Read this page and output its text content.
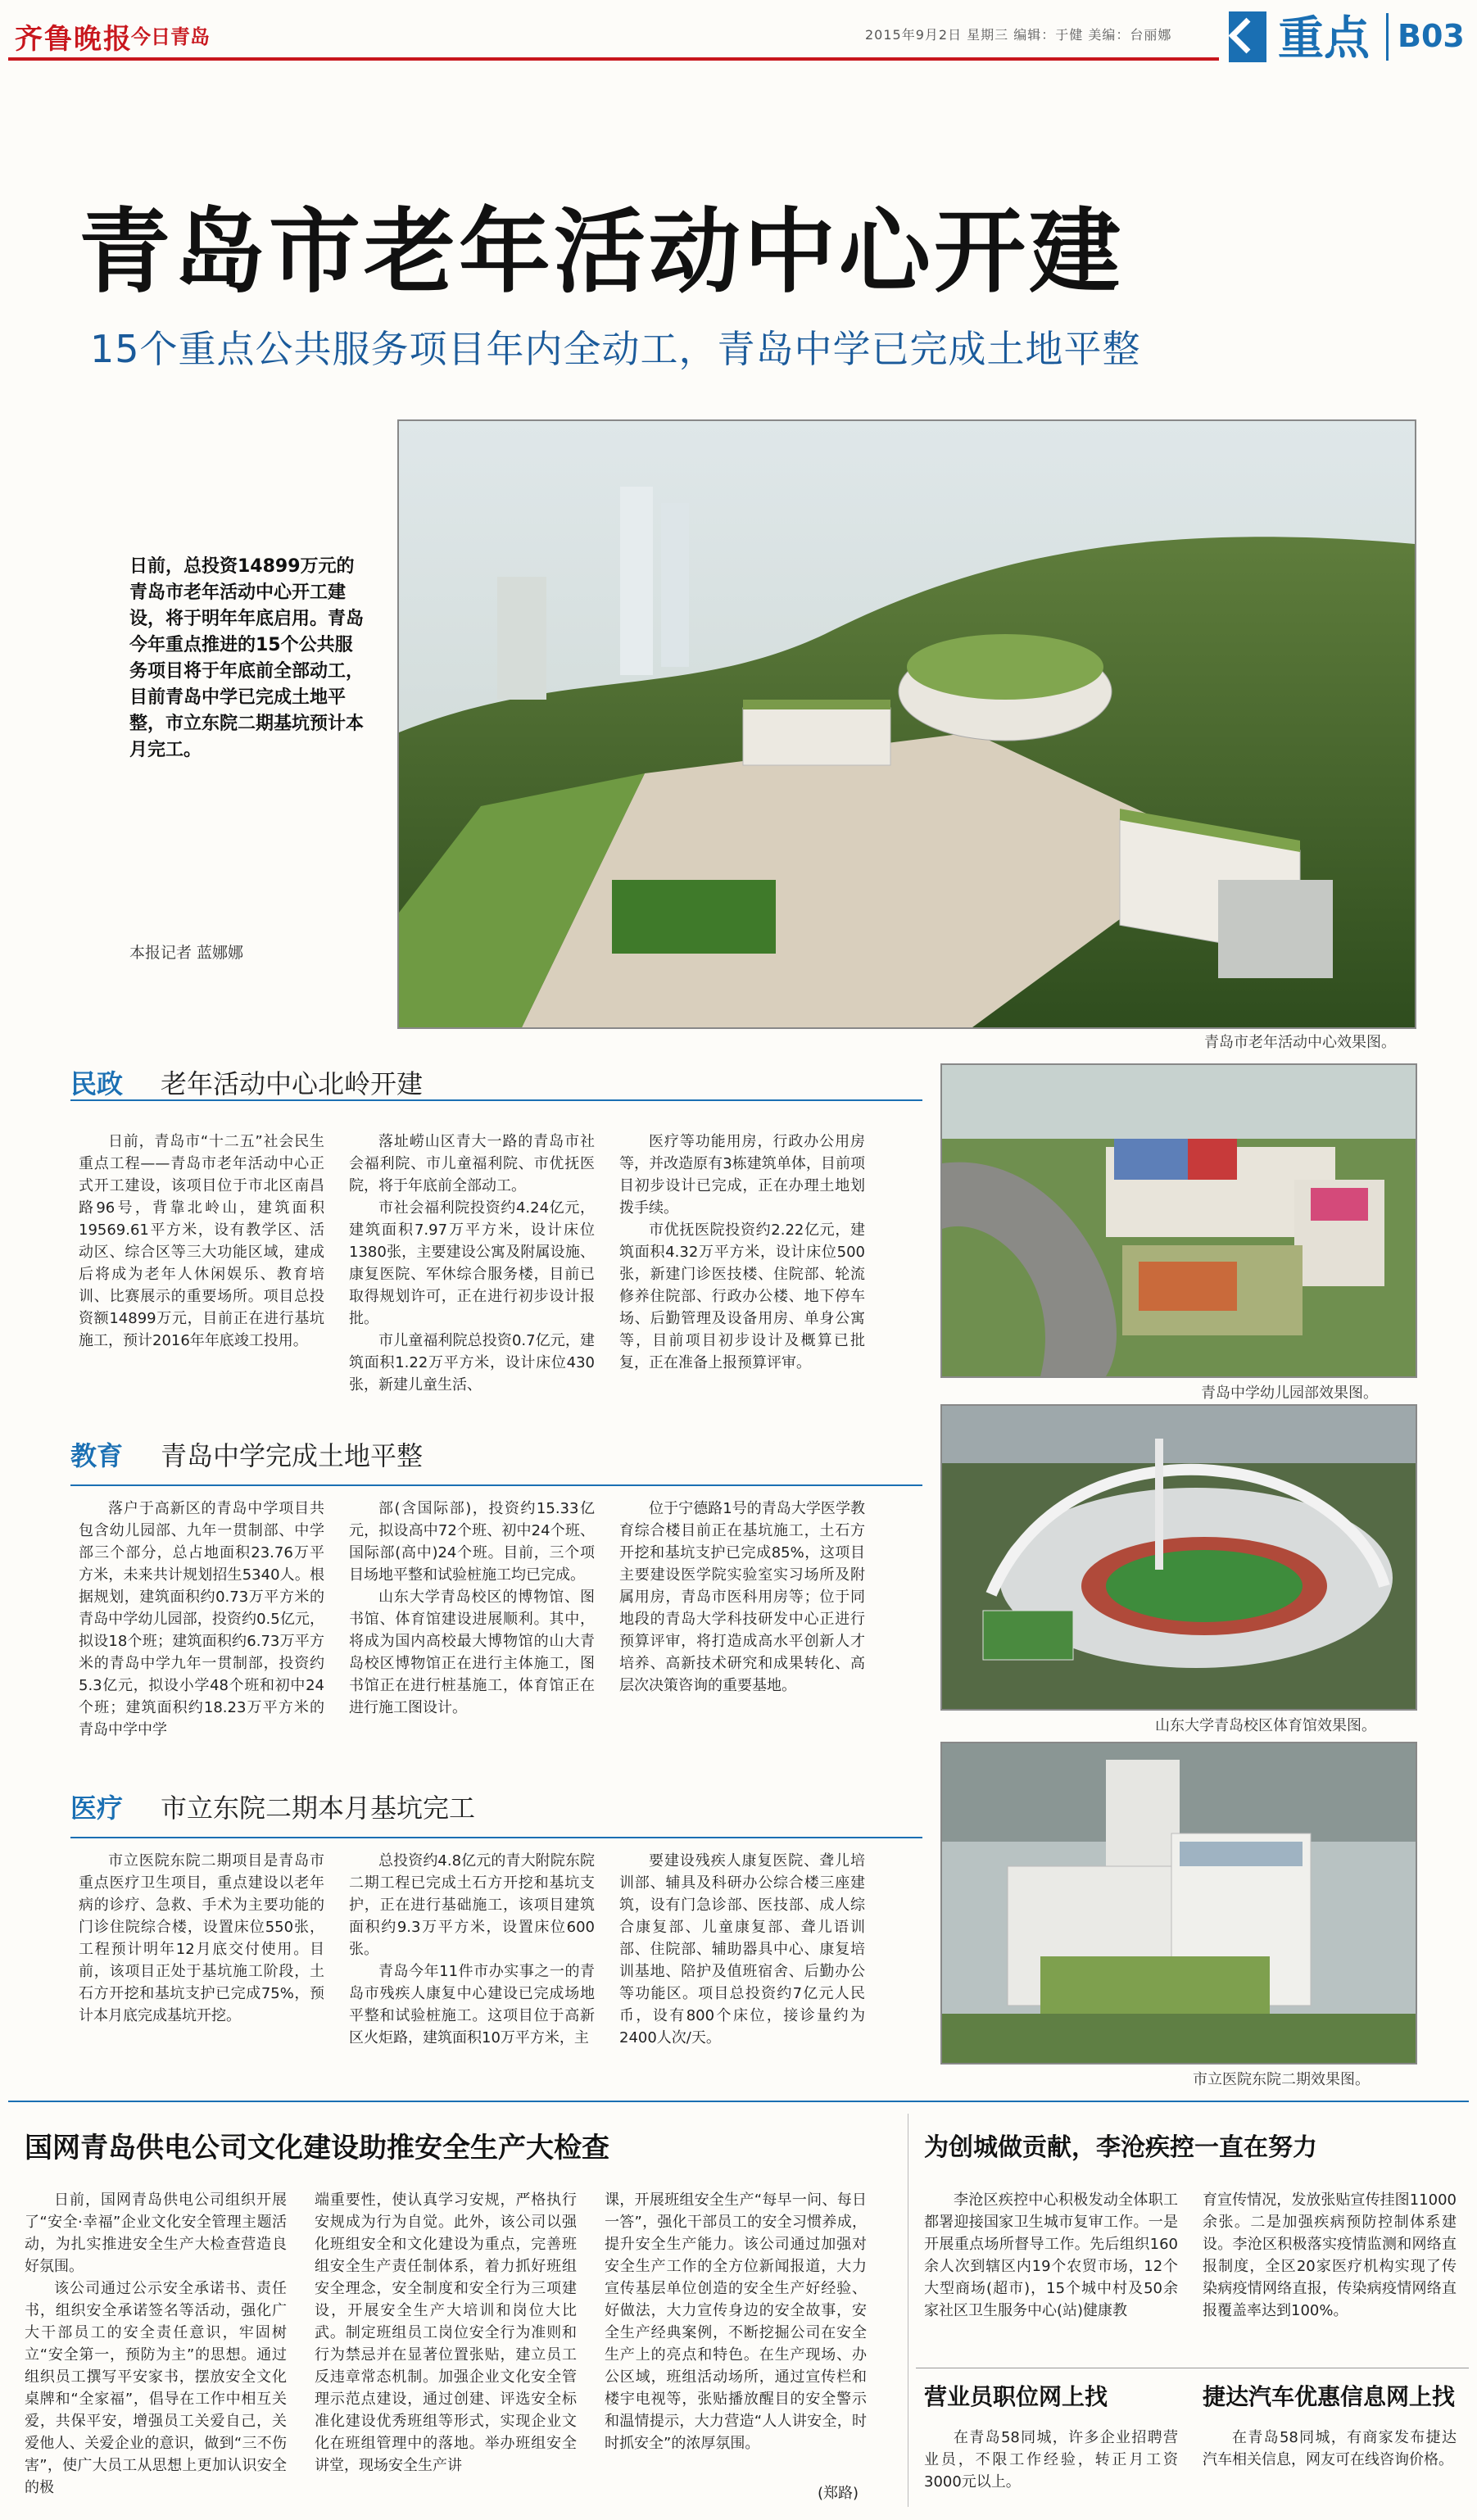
齐鲁晚报
今日青岛	2015年9月2日 星期三 编辑：于健 美编：台丽娜 重点 B03
青岛市老年活动中心开建
15个重点公共服务项目年内全动工，青岛中学已完成土地平整
日前，总投资14899万元的青岛市老年活动中心开工建设，将于明年年底启用。青岛今年重点推进的15个公共服务项目将于年底前全部动工，目前青岛中学已完成土地平整，市立东院二期基坑预计本月完工。
本报记者 蓝娜娜
青岛市老年活动中心效果图。
青岛中学幼儿园部效果图。
山东大学青岛校区体育馆效果图。
市立医院东院二期效果图。
民政 老年活动中心北岭开建

日前，青岛市“十二五”社会民生重点工程——青岛市老年活动中心正式开工建设，该项目位于市北区南昌路96号，背靠北岭山，建筑面积19569.61平方米，设有教学区、活动区、综合区等三大功能区域，建成后将成为老年人休闲娱乐、教育培训、比赛展示的重要场所。项目总投资额14899万元，目前正在进行基坑施工，预计2016年年底竣工投用。

落址崂山区青大一路的青岛市社会福利院、市儿童福利院、市优抚医院，将于年底前全部动工。

市社会福利院投资约4.24亿元，建筑面积7.97万平方米，设计床位1380张，主要建设公寓及附属设施、康复医院、军休综合服务楼，目前已取得规划许可，正在进行初步设计报批。

市儿童福利院总投资0.7亿元，建筑面积1.22万平方米，设计床位430张，新建儿童生活、

医疗等功能用房，行政办公用房等，并改造原有3栋建筑单体，目前项目初步设计已完成，正在办理土地划拨手续。

市优抚医院投资约2.22亿元，建筑面积4.32万平方米，设计床位500张，新建门诊医技楼、住院部、轮流修养住院部、行政办公楼、地下停车场、后勤管理及设备用房、单身公寓等，目前项目初步设计及概算已批复，正在准备上报预算评审。

教育 青岛中学完成土地平整

落户于高新区的青岛中学项目共包含幼儿园部、九年一贯制部、中学部三个部分，总占地面积23.76万平方米，未来共计规划招生5340人。根据规划，建筑面积约0.73万平方米的青岛中学幼儿园部，投资约0.5亿元，拟设18个班；建筑面积约6.73万平方米的青岛中学九年一贯制部，投资约5.3亿元，拟设小学48个班和初中24个班；建筑面积约18.23万平方米的青岛中学中学

部(含国际部)，投资约15.33亿元，拟设高中72个班、初中24个班、国际部(高中)24个班。目前，三个项目场地平整和试验桩施工均已完成。

山东大学青岛校区的博物馆、图书馆、体育馆建设进展顺利。其中，将成为国内高校最大博物馆的山大青岛校区博物馆正在进行主体施工，图书馆正在进行桩基施工，体育馆正在进行施工图设计。

位于宁德路1号的青岛大学医学教育综合楼目前正在基坑施工，土石方开挖和基坑支护已完成85%，这项目主要建设医学院实验室实习场所及附属用房，青岛市医科用房等；位于同地段的青岛大学科技研发中心正进行预算评审，将打造成高水平创新人才培养、高新技术研究和成果转化、高层次决策咨询的重要基地。

医疗 市立东院二期本月基坑完工

市立医院东院二期项目是青岛市重点医疗卫生项目，重点建设以老年病的诊疗、急救、手术为主要功能的门诊住院综合楼，设置床位550张，工程预计明年12月底交付使用。目前，该项目正处于基坑施工阶段，土石方开挖和基坑支护已完成75%，预计本月底完成基坑开挖。

总投资约4.8亿元的青大附院东院二期工程已完成土石方开挖和基坑支护，正在进行基础施工，该项目建筑面积约9.3万平方米，设置床位600张。

青岛今年11件市办实事之一的青岛市残疾人康复中心建设已完成场地平整和试验桩施工。这项目位于高新区火炬路，建筑面积10万平方米，主

要建设残疾人康复医院、聋儿培训部、辅具及科研办公综合楼三座建筑，设有门急诊部、医技部、成人综合康复部、儿童康复部、聋儿语训部、住院部、辅助器具中心、康复培训基地、陪护及值班宿舍、后勤办公等功能区。项目总投资约7亿元人民币，设有800个床位，接诊量约为2400人次/天。

国网青岛供电公司文化建设助推安全生产大检查

日前，国网青岛供电公司组织开展了“安全·幸福”企业文化安全管理主题活动，为扎实推进安全生产大检查营造良好氛围。

该公司通过公示安全承诺书、责任书，组织安全承诺签名等活动，强化广大干部员工的安全责任意识，牢固树立“安全第一，预防为主”的思想。通过组织员工撰写平安家书，摆放安全文化桌牌和“全家福”，倡导在工作中相互关爱，共保平安，增强员工关爱自己，关爱他人、关爱企业的意识，做到“三不伤害”，使广大员工从思想上更加认识安全的极

端重要性，使认真学习安规，严格执行安规成为行为自觉。此外，该公司以强化班组安全和文化建设为重点，完善班组安全生产责任制体系，着力抓好班组安全理念，安全制度和安全行为三项建设，开展安全生产大培训和岗位大比武。制定班组员工岗位安全行为准则和行为禁忌并在显著位置张贴，建立员工反违章常态机制。加强企业文化安全管理示范点建设，通过创建、评选安全标准化建设优秀班组等形式，实现企业文化在班组管理中的落地。举办班组安全讲堂，现场安全生产讲

课，开展班组安全生产“每早一问、每日一答”，强化干部员工的安全习惯养成，提升安全生产能力。该公司通过加强对安全生产工作的全方位新闻报道，大力宣传基层单位创造的安全生产好经验、好做法，大力宣传身边的安全故事，安全生产经典案例，不断挖掘公司在安全生产上的亮点和特色。在生产现场、办公区域，班组活动场所，通过宣传栏和楼宇电视等，张贴播放醒目的安全警示和温情提示，大力营造“人人讲安全，时时抓安全”的浓厚氛围。

(郑路)
为创城做贡献，李沧疾控一直在努力

李沧区疾控中心积极发动全体职工都署迎接国家卫生城市复审工作。一是开展重点场所督导工作。先后组织160余人次到辖区内19个农贸市场，12个大型商场(超市)，15个城中村及50余家社区卫生服务中心(站)健康教

育宣传情况，发放张贴宣传挂图11000余张。二是加强疾病预防控制体系建设。李沧区积极落实疫情监测和网络直报制度，全区20家医疗机构实现了传染病疫情网络直报，传染病疫情网络直报覆盖率达到100%。

营业员职位网上找

在青岛58同城，许多企业招聘营业员，不限工作经验，转正月工资3000元以上。

捷达汽车优惠信息网上找

在青岛58同城，有商家发布捷达汽车相关信息，网友可在线咨询价格。
